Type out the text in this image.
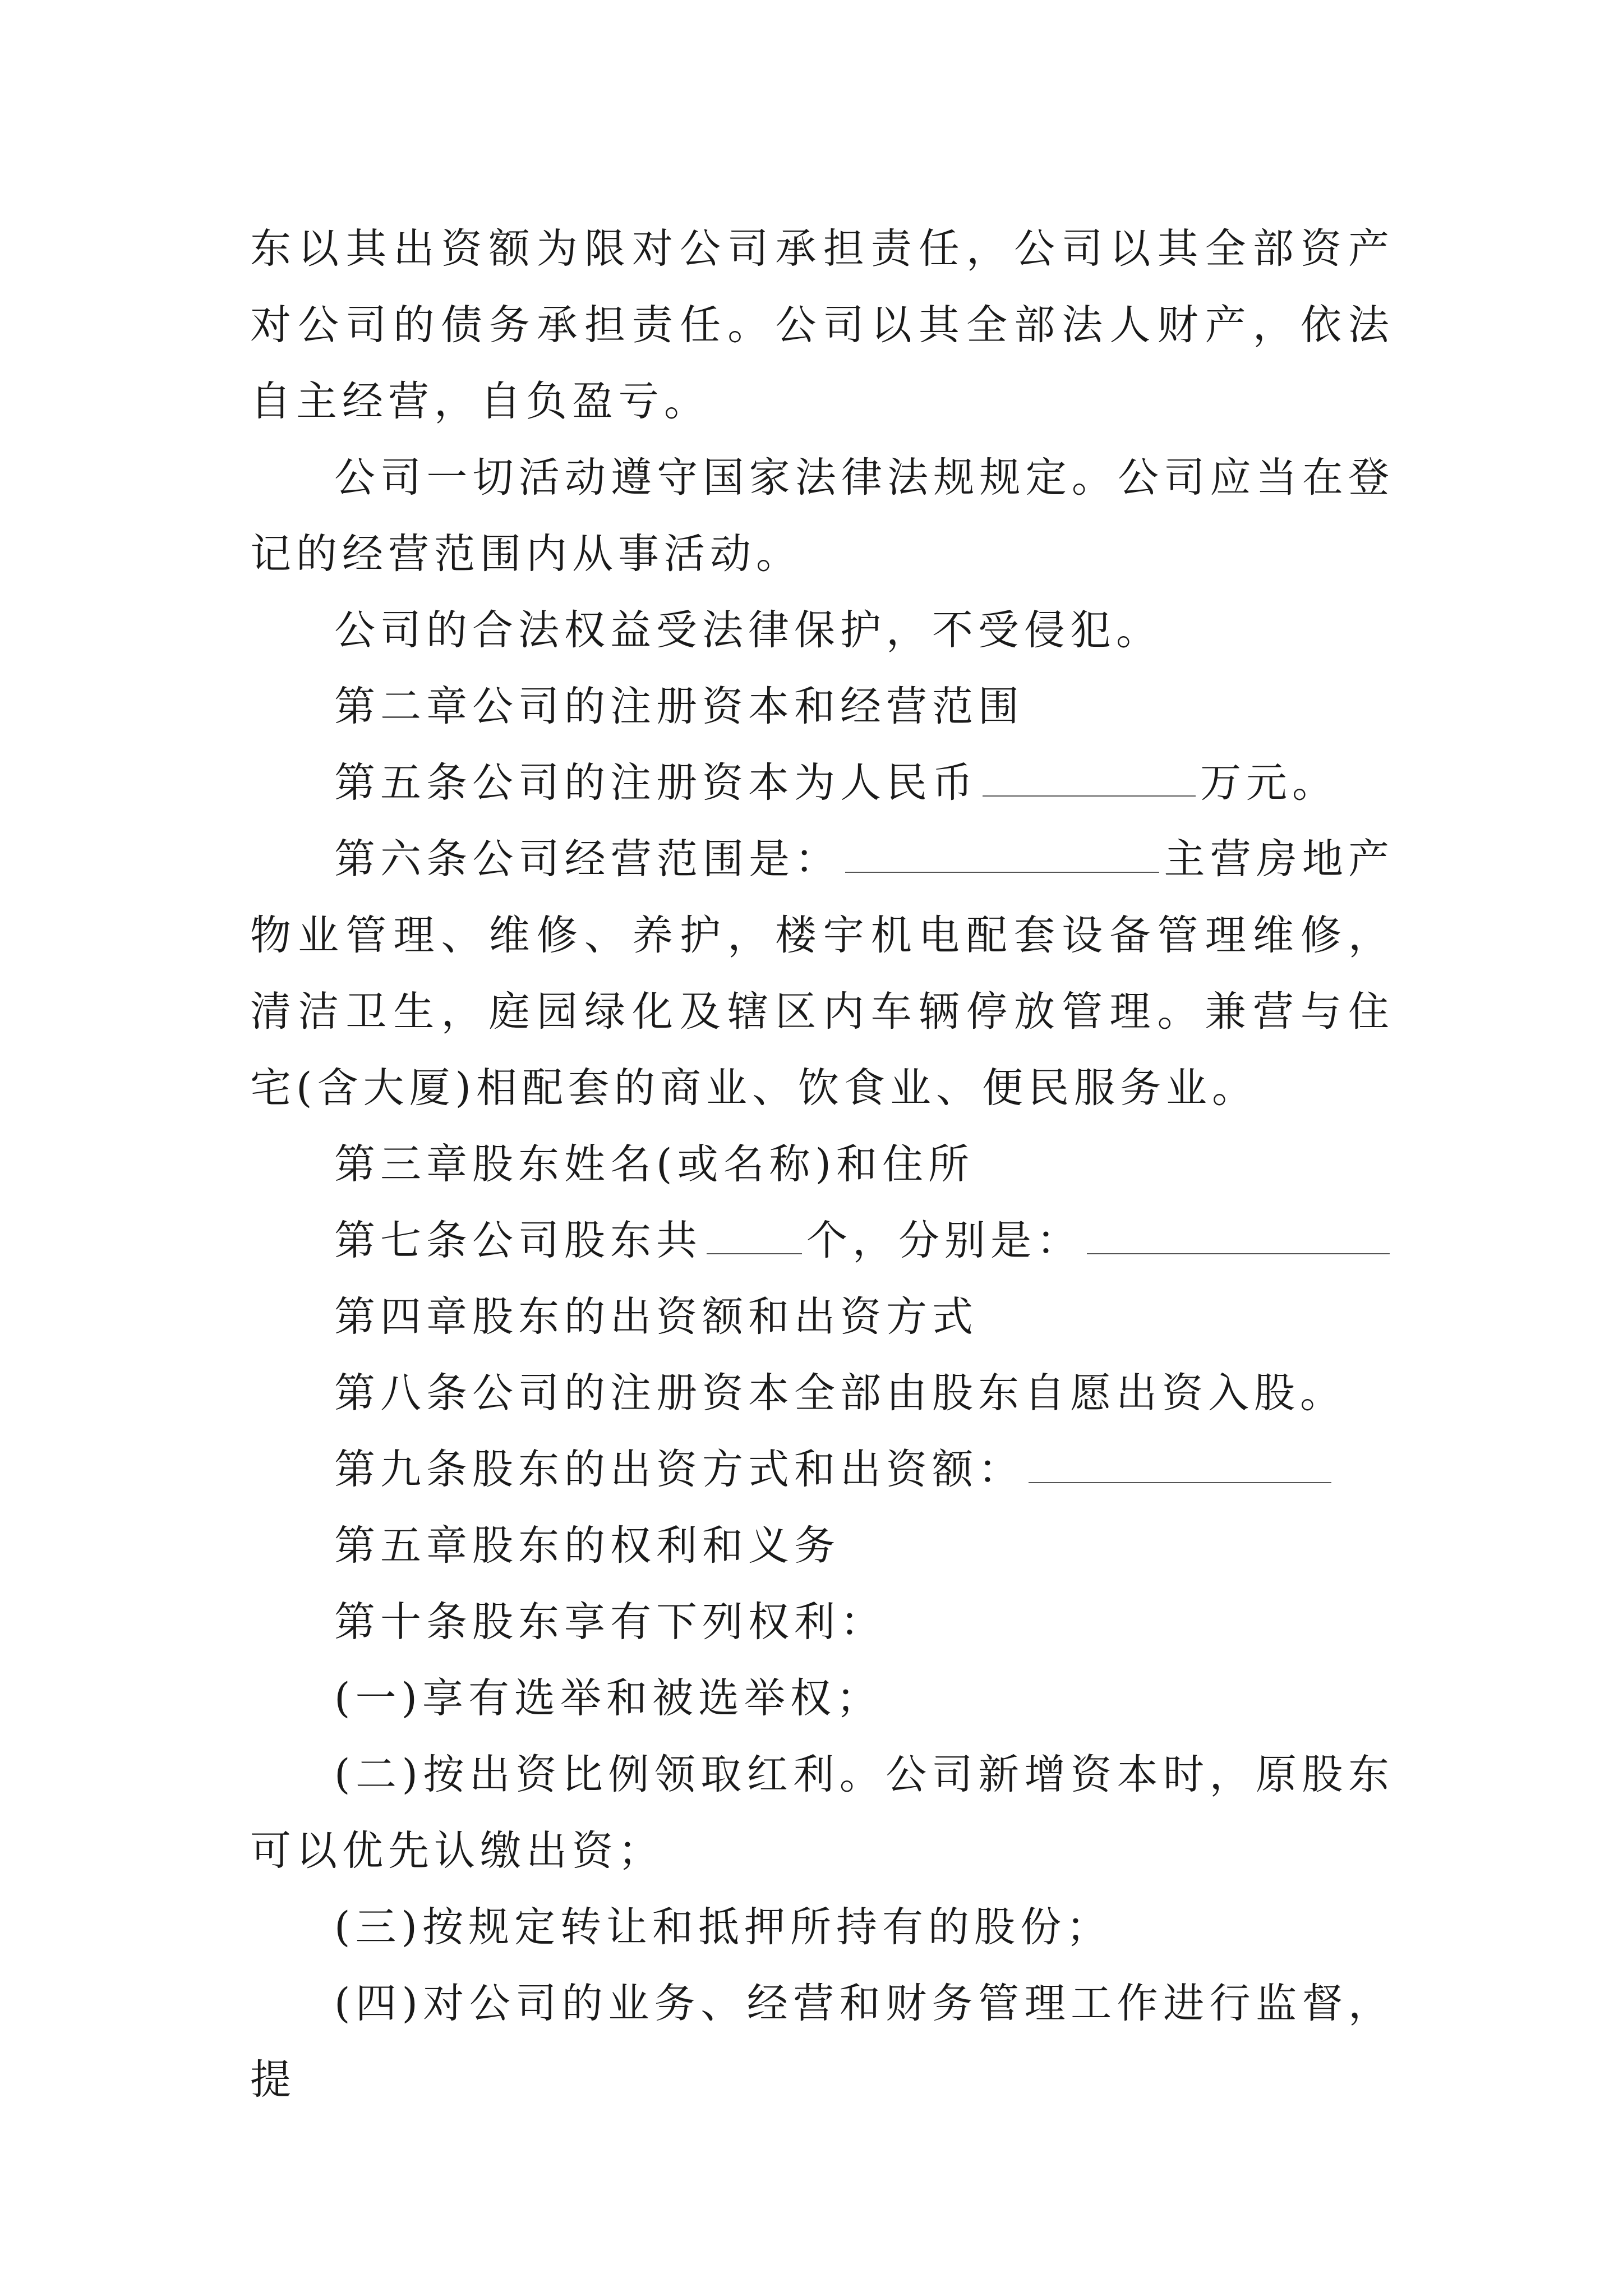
东以其出资额为限对公司承担责任，公司以其全部资产对公司的债务承担责任。公司以其全部法人财产，依法自主经营，自负盈亏。

公司一切活动遵守国家法律法规规定。公司应当在登记的经营范围内从事活动。

公司的合法权益受法律保护，不受侵犯。

第二章公司的注册资本和经营范围

第五条公司的注册资本为人民币	万元。

第六条公司经营范围是：	主营房地产物业管理、维修、养护，楼宇机电配套设备管理维修，清洁卫生，庭园绿化及辖区内车辆停放管理。兼营与住宅(含大厦)相配套的商业、饮食业、便民服务业。

第三章股东姓名(或名称)和住所

第七条公司股东共	个，分别是：

第四章股东的出资额和出资方式

第八条公司的注册资本全部由股东自愿出资入股。

第九条股东的出资方式和出资额：

第五章股东的权利和义务

第十条股东享有下列权利：

(一)享有选举和被选举权；

(二)按出资比例领取红利。公司新增资本时，原股东可以优先认缴出资；

(三)按规定转让和抵押所持有的股份；

(四)对公司的业务、经营和财务管理工作进行监督，提
